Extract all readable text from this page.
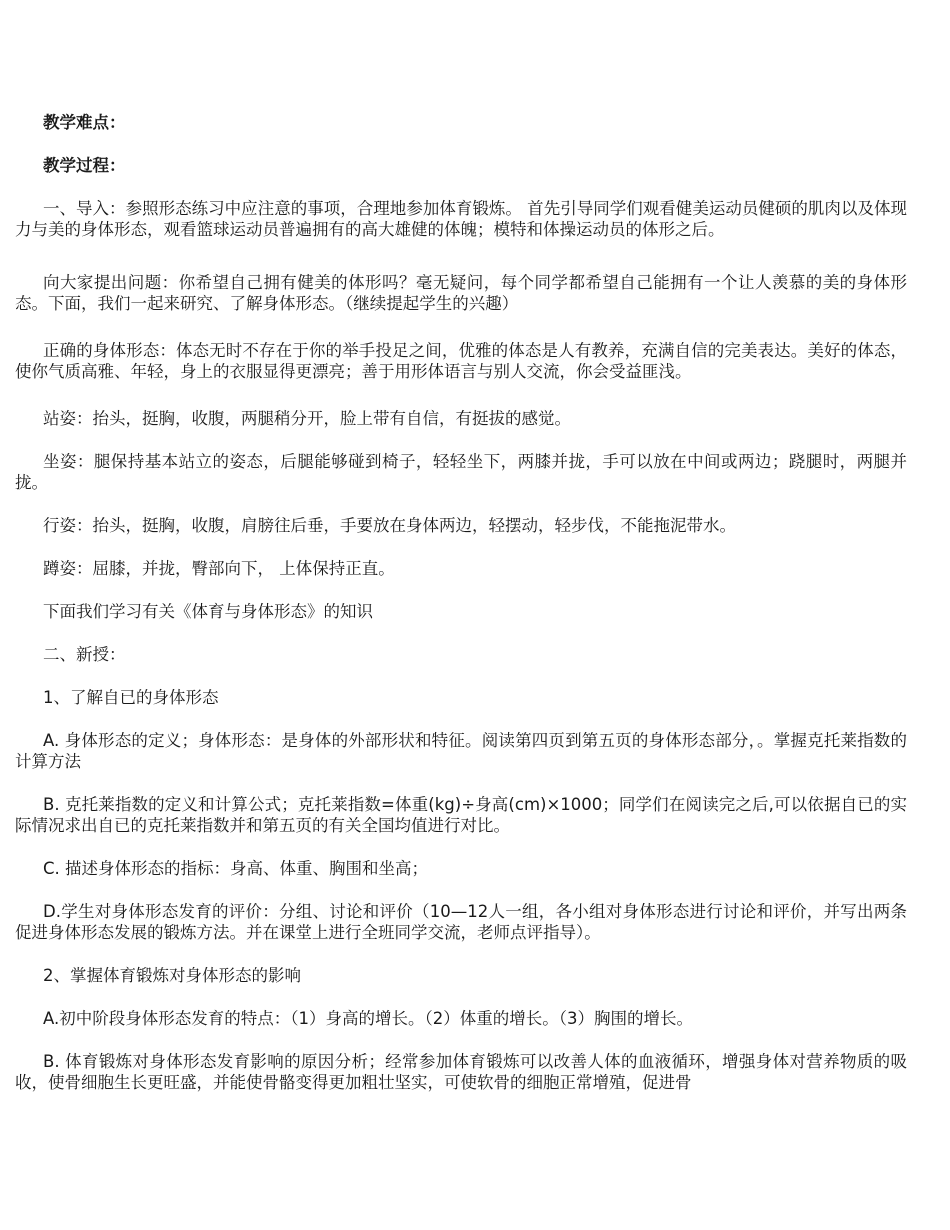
教学难点：

教学过程：

一、导入：参照形态练习中应注意的事项，合理地参加体育锻炼。 首先引导同学们观看健美运动员健硕的肌肉以及体现力与美的身体形态，观看篮球运动员普遍拥有的高大雄健的体魄；模特和体操运动员的体形之后。

向大家提出问题：你希望自己拥有健美的体形吗？毫无疑问，每个同学都希望自己能拥有一个让人羡慕的美的身体形态。下面，我们一起来研究、了解身体形态。（继续提起学生的兴趣）

正确的身体形态：体态无时不存在于你的举手投足之间，优雅的体态是人有教养，充满自信的完美表达。美好的体态，使你气质高雅、年轻，身上的衣服显得更漂亮；善于用形体语言与别人交流，你会受益匪浅。

站姿：抬头，挺胸，收腹，两腿稍分开，脸上带有自信，有挺拔的感觉。

坐姿：腿保持基本站立的姿态，后腿能够碰到椅子，轻轻坐下，两膝并拢，手可以放在中间或两边；跷腿时，两腿并拢。

行姿：抬头，挺胸，收腹，肩膀往后垂，手要放在身体两边，轻摆动，轻步伐，不能拖泥带水。

蹲姿：屈膝，并拢，臀部向下， 上体保持正直。

下面我们学习有关《体育与身体形态》的知识

二、新授：

1、了解自已的身体形态

A. 身体形态的定义；身体形态：是身体的外部形状和特征。阅读第四页到第五页的身体形态部分，。掌握克托莱指数的计算方法

B. 克托莱指数的定义和计算公式；克托莱指数=体重(kg)÷身高(cm)×1000；同学们在阅读完之后,可以依据自已的实际情况求出自已的克托莱指数并和第五页的有关全国均值进行对比。

C. 描述身体形态的指标：身高、体重、胸围和坐高；

D.学生对身体形态发育的评价：分组、讨论和评价（10—12人一组，各小组对身体形态进行讨论和评价，并写出两条促进身体形态发展的锻炼方法。并在课堂上进行全班同学交流，老师点评指导）。

2、掌握体育锻炼对身体形态的影响

A.初中阶段身体形态发育的特点：（1）身高的增长。（2）体重的增长。（3）胸围的增长。

B. 体育锻炼对身体形态发育影响的原因分析；经常参加体育锻炼可以改善人体的血液循环，增强身体对营养物质的吸收，使骨细胞生长更旺盛，并能使骨骼变得更加粗壮坚实，可使软骨的细胞正常增殖，促进骨
